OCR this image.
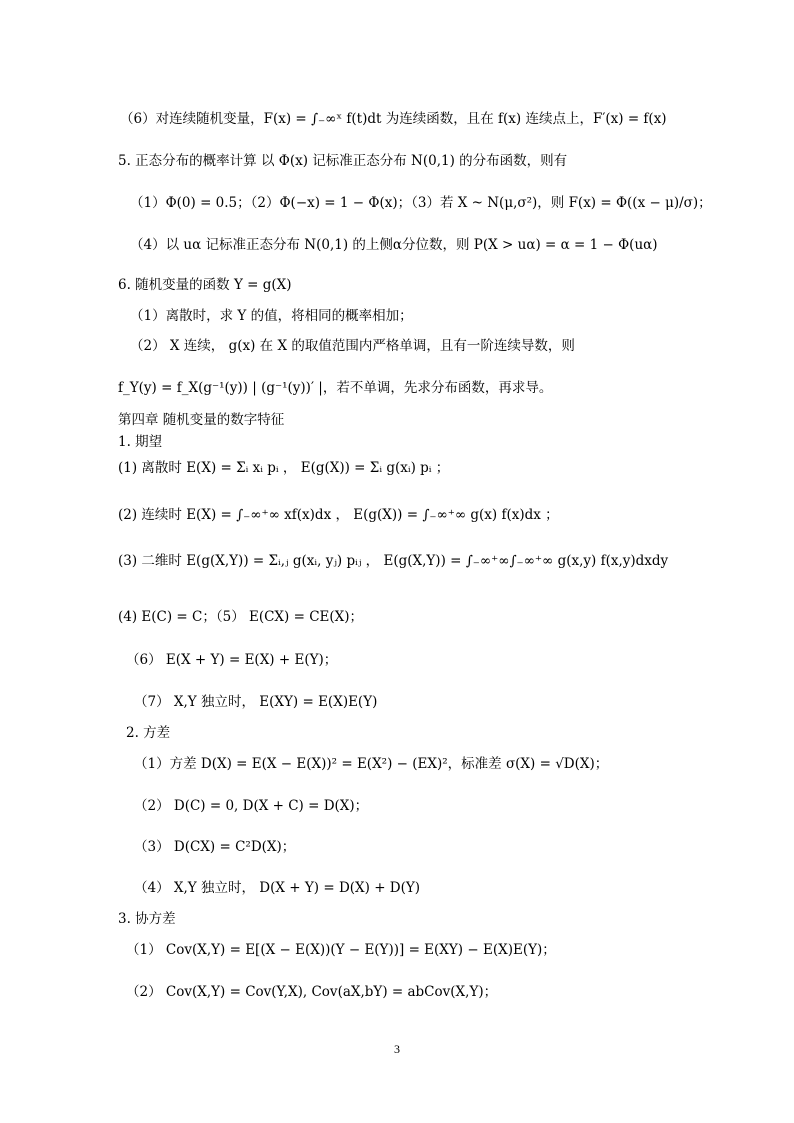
（6）对连续随机变量，F(x) = ∫₋∞ˣ f(t)dt 为连续函数，且在 f(x) 连续点上，F′(x) = f(x)
5. 正态分布的概率计算 以 Φ(x) 记标准正态分布 N(0,1) 的分布函数，则有
（1）Φ(0) = 0.5；（2）Φ(−x) = 1 − Φ(x)；（3）若 X ~ N(μ,σ²)，则 F(x) = Φ((x − μ)/σ)；
（4）以 uα 记标准正态分布 N(0,1) 的上侧α分位数，则 P(X > uα) = α = 1 − Φ(uα)
6. 随机变量的函数 Y = g(X)
（1）离散时，求 Y 的值，将相同的概率相加；
（2） X 连续， g(x) 在 X 的取值范围内严格单调，且有一阶连续导数，则
f_Y(y) = f_X(g⁻¹(y)) | (g⁻¹(y))′ |，若不单调，先求分布函数，再求导。
第四章 随机变量的数字特征
1. 期望
(1) 离散时 E(X) = Σᵢ xᵢ pᵢ ， E(g(X)) = Σᵢ g(xᵢ) pᵢ ；
(2) 连续时 E(X) = ∫₋∞⁺∞ xf(x)dx ， E(g(X)) = ∫₋∞⁺∞ g(x) f(x)dx ；
(3) 二维时 E(g(X,Y)) = Σᵢ,ⱼ g(xᵢ, yⱼ) pᵢⱼ ， E(g(X,Y)) = ∫₋∞⁺∞∫₋∞⁺∞ g(x,y) f(x,y)dxdy
(4) E(C) = C；（5） E(CX) = CE(X)；
（6） E(X + Y) = E(X) + E(Y)；
（7） X,Y 独立时， E(XY) = E(X)E(Y)
2. 方差
（1）方差 D(X) = E(X − E(X))² = E(X²) − (EX)²，标准差 σ(X) = √D(X)；
（2） D(C) = 0, D(X + C) = D(X)；
（3） D(CX) = C²D(X)；
（4） X,Y 独立时， D(X + Y) = D(X) + D(Y)
3. 协方差
（1） Cov(X,Y) = E[(X − E(X))(Y − E(Y))] = E(XY) − E(X)E(Y)；
（2） Cov(X,Y) = Cov(Y,X), Cov(aX,bY) = abCov(X,Y)；
3
